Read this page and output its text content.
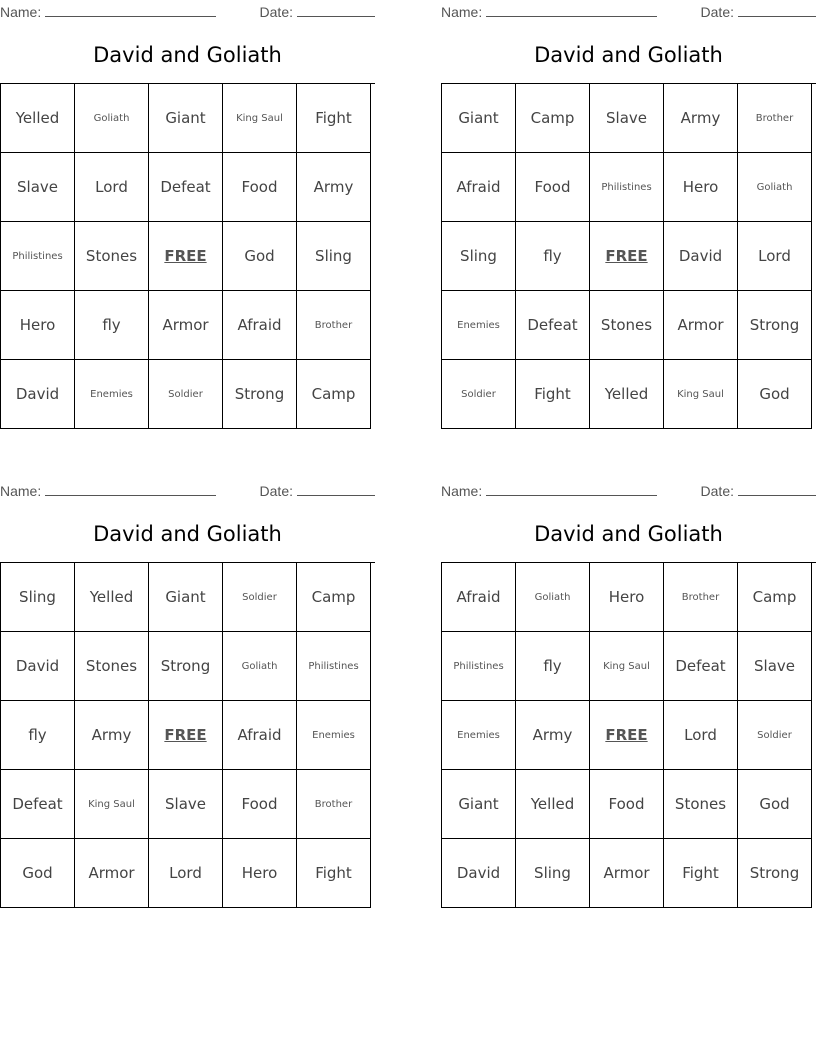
Name:	Date:
David and Goliath
Yelled	Goliath	Giant	King Saul	Fight
Slave	Lord	Defeat	Food	Army
Philistines	Stones	FREE	God	Sling
Hero	fly	Armor	Afraid	Brother
David	Enemies	Soldier	Strong	Camp
Name:	Date:
David and Goliath
Giant	Camp	Slave	Army	Brother
Afraid	Food	Philistines	Hero	Goliath
Sling	fly	FREE	David	Lord
Enemies	Defeat	Stones	Armor	Strong
Soldier	Fight	Yelled	King Saul	God
Name:	Date:
David and Goliath
Sling	Yelled	Giant	Soldier	Camp
David	Stones	Strong	Goliath	Philistines
fly	Army	FREE	Afraid	Enemies
Defeat	King Saul	Slave	Food	Brother
God	Armor	Lord	Hero	Fight
Name:	Date:
David and Goliath
Afraid	Goliath	Hero	Brother	Camp
Philistines	fly	King Saul	Defeat	Slave
Enemies	Army	FREE	Lord	Soldier
Giant	Yelled	Food	Stones	God
David	Sling	Armor	Fight	Strong
